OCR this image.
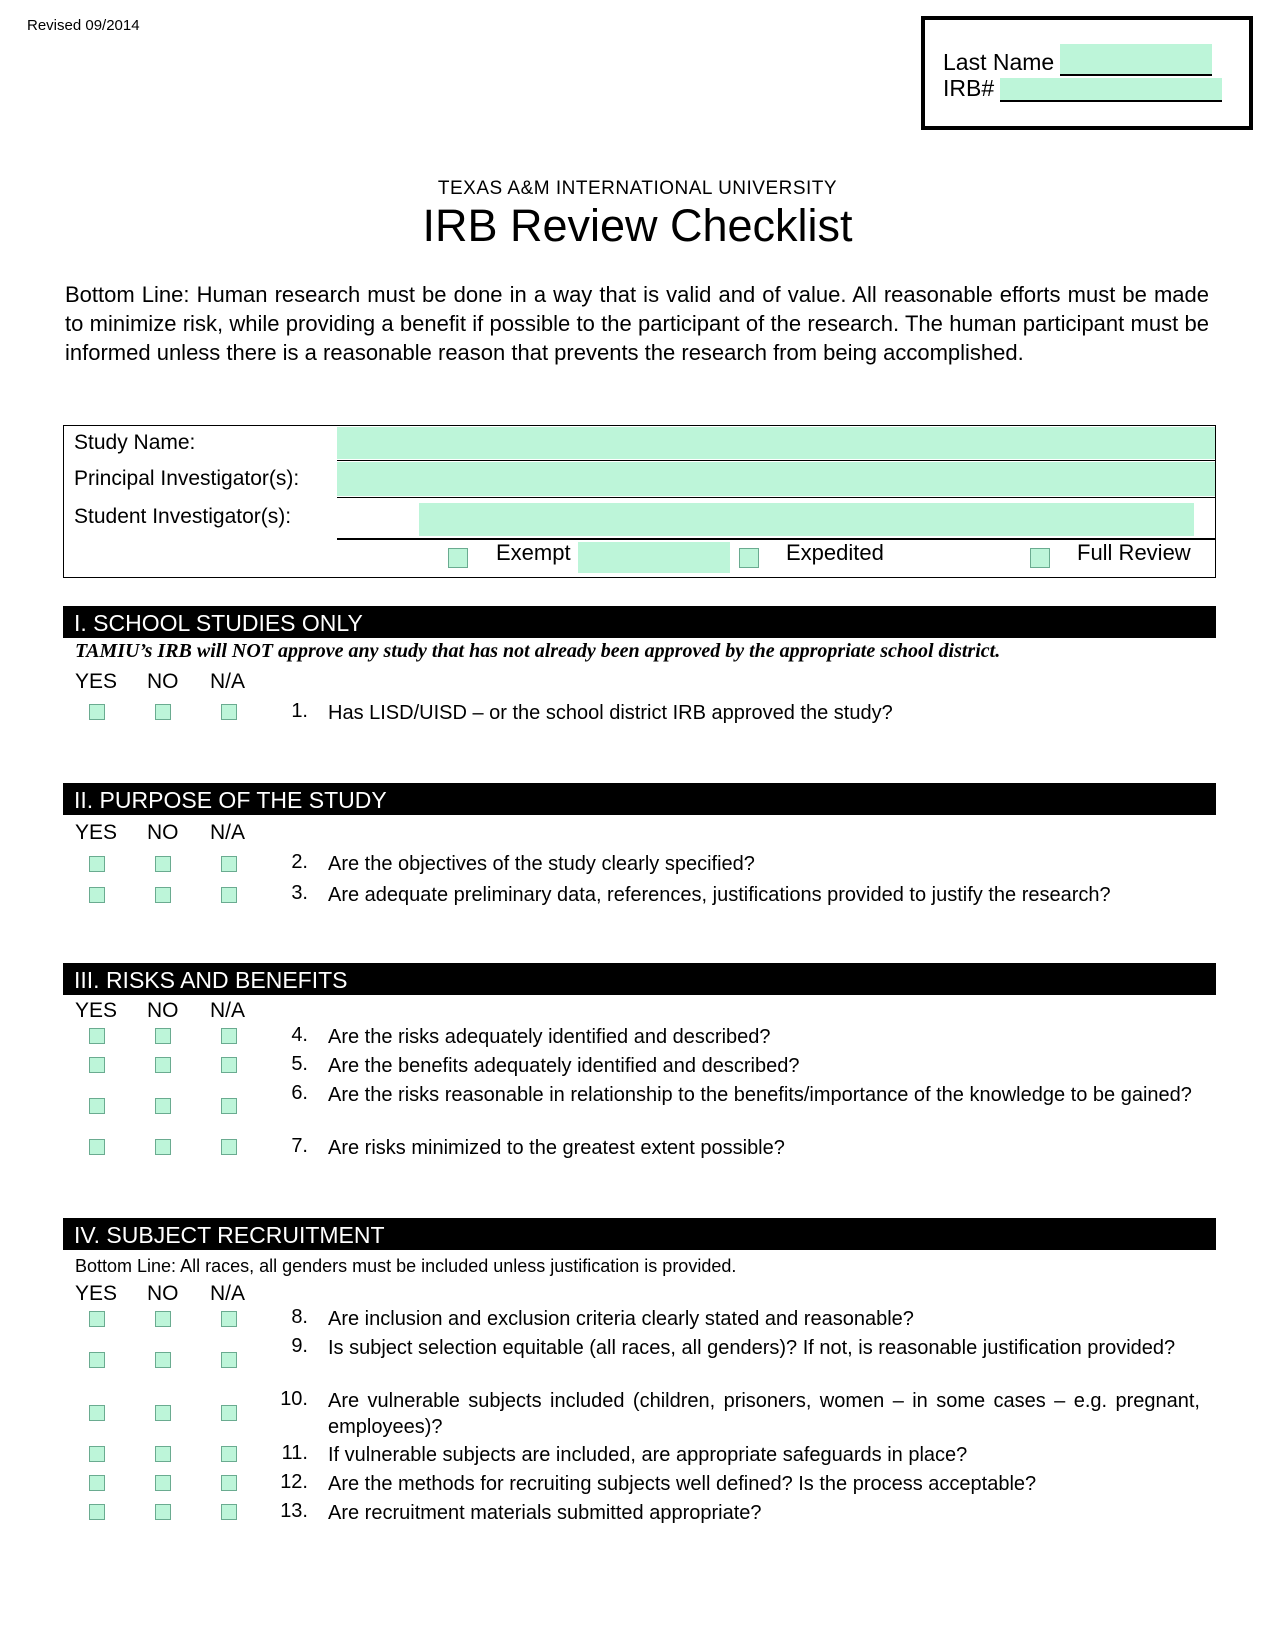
Revised 09/2014
Last Name
IRB#
TEXAS A&M INTERNATIONAL UNIVERSITY
IRB Review Checklist
Bottom Line: Human research must be done in a way that is valid and of value. All reasonable efforts must be made to minimize risk, while providing a benefit if possible to the participant of the research. The human participant must be informed unless there is a reasonable reason that prevents the research from being accomplished.
Study Name:
Principal Investigator(s):
Student Investigator(s):
Exempt	Expedited	Full Review
I. SCHOOL STUDIES ONLY
TAMIU’s IRB will NOT approve any study that has not already been approved by the appropriate school district.
YES NO N/A
1. Has LISD/UISD – or the school district IRB approved the study?
II. PURPOSE OF THE STUDY
YES NO N/A
2. Are the objectives of the study clearly specified?
3. Are adequate preliminary data, references, justifications provided to justify the research?
III. RISKS AND BENEFITS
YES NO N/A
4. Are the risks adequately identified and described?
5. Are the benefits adequately identified and described?
6. Are the risks reasonable in relationship to the benefits/importance of the knowledge to be gained?
7. Are risks minimized to the greatest extent possible?
IV. SUBJECT RECRUITMENT
Bottom Line: All races, all genders must be included unless justification is provided.
YES NO N/A
8. Are inclusion and exclusion criteria clearly stated and reasonable?
9. Is subject selection equitable (all races, all genders)? If not, is reasonable justification provided?
10. Are vulnerable subjects included (children, prisoners, women – in some cases – e.g. pregnant, employees)?
11. If vulnerable subjects are included, are appropriate safeguards in place?
12. Are the methods for recruiting subjects well defined? Is the process acceptable?
13. Are recruitment materials submitted appropriate?
